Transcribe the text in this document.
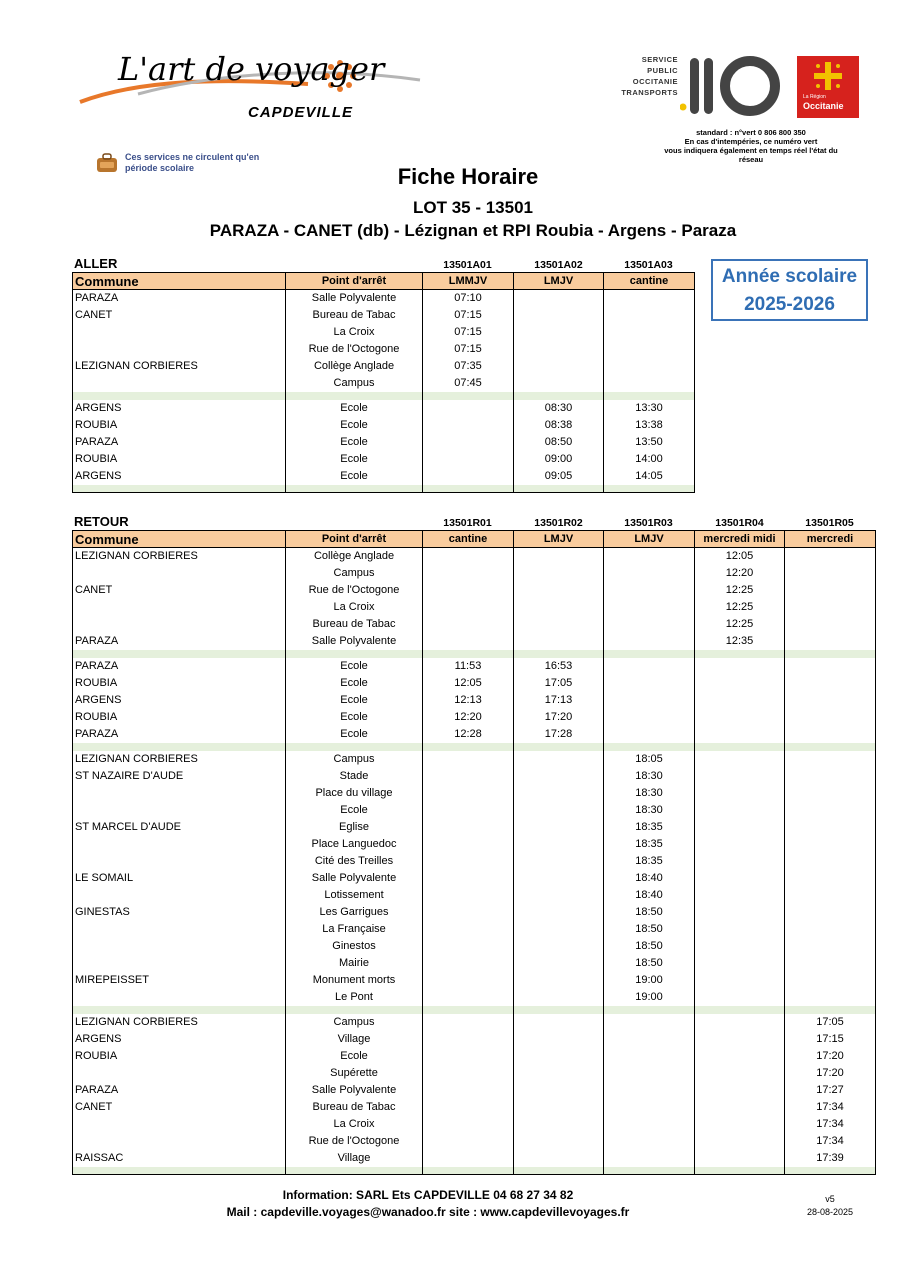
L'art de voyager
CAPDEVILLE
Ces services ne circulent qu'en période scolaire
SERVICE
PUBLIC
OCCITANIE
TRANSPORTS	La Région
Occitanie
standard : n°vert 0 806 800 350
En cas d'intempéries, ce numéro vert
vous indiquera également en temps réel l'état du
réseau
Fiche Horaire
LOT 35 - 13501
PARAZA - CANET (db) - Lézignan et RPI Roubia - Argens - Paraza
Année scolaire
2025-2026
ALLER	13501A01	13501A02	13501A03
Commune	Point d'arrêt	LMMJV	LMJV	cantine
PARAZA	Salle Polyvalente	07:10		
CANET	Bureau de Tabac	07:15		
	La Croix	07:15		
	Rue de l'Octogone	07:15		
LEZIGNAN CORBIERES	Collège Anglade	07:35		
	Campus	07:45		

ARGENS	Ecole		08:30	13:30
ROUBIA	Ecole		08:38	13:38
PARAZA	Ecole		08:50	13:50
ROUBIA	Ecole		09:00	14:00
ARGENS	Ecole		09:05	14:05

RETOUR	13501R01	13501R02	13501R03	13501R04	13501R05
Commune	Point d'arrêt	cantine	LMJV	LMJV	mercredi midi	mercredi
LEZIGNAN CORBIERES	Collège Anglade				12:05	
	Campus				12:20	
CANET	Rue de l'Octogone				12:25	
	La Croix				12:25	
	Bureau de Tabac				12:25	
PARAZA	Salle Polyvalente				12:35	

PARAZA	Ecole	11:53	16:53			
ROUBIA	Ecole	12:05	17:05			
ARGENS	Ecole	12:13	17:13			
ROUBIA	Ecole	12:20	17:20			
PARAZA	Ecole	12:28	17:28			

LEZIGNAN CORBIERES	Campus			18:05		
ST NAZAIRE D'AUDE	Stade			18:30		
	Place du village			18:30		
	Ecole			18:30		
ST MARCEL D'AUDE	Eglise			18:35		
	Place Languedoc			18:35		
	Cité des Treilles			18:35		
LE SOMAIL	Salle Polyvalente			18:40		
	Lotissement			18:40		
GINESTAS	Les Garrigues			18:50		
	La Française			18:50		
	Ginestos			18:50		
	Mairie			18:50		
MIREPEISSET	Monument morts			19:00		
	Le Pont			19:00		

LEZIGNAN CORBIERES	Campus					17:05
ARGENS	Village					17:15
ROUBIA	Ecole					17:20
	Supérette					17:20
PARAZA	Salle Polyvalente					17:27
CANET	Bureau de Tabac					17:34
	La Croix					17:34
	Rue de l'Octogone					17:34
RAISSAC	Village					17:39

Information: SARL Ets CAPDEVILLE 04 68 27 34 82
Mail : capdeville.voyages@wanadoo.fr site : www.capdevillevoyages.fr
v5
28-08-2025
